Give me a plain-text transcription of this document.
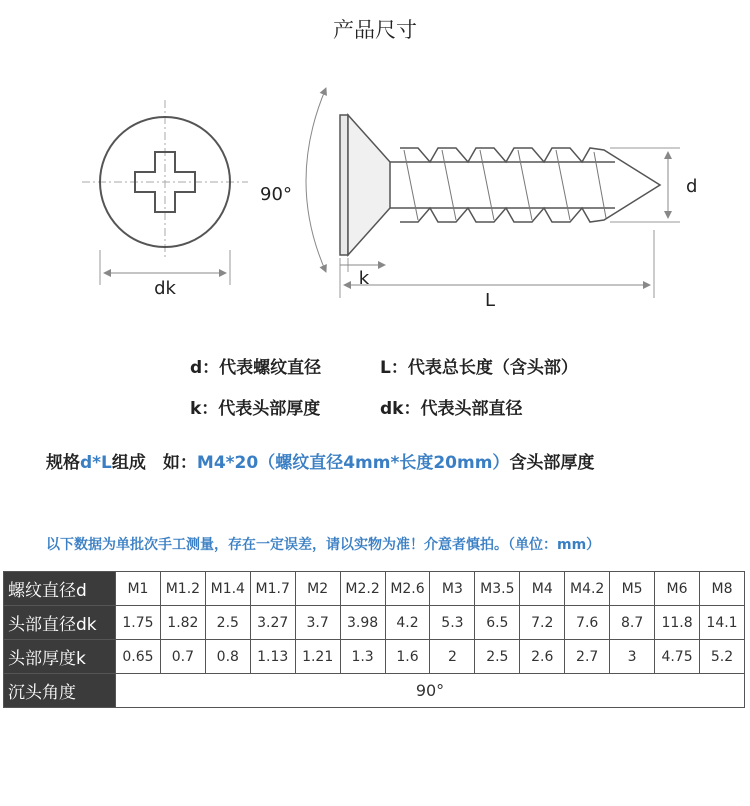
产品尺寸
dk
90°	d
k
L
d：代表螺纹直径	L：代表总长度（含头部）
k：代表头部厚度	dk：代表头部直径
规格d*L组成　如：M4*20（螺纹直径4mm*长度20mm）含头部厚度
以下数据为单批次手工测量，存在一定误差，请以实物为准！介意者慎拍。（单位：mm）
螺纹直径d	M1	M1.2	M1.4	M1.7	M2	M2.2	M2.6	M3	M3.5	M4	M4.2	M5	M6	M8
头部直径dk	1.75	1.82	2.5	3.27	3.7	3.98	4.2	5.3	6.5	7.2	7.6	8.7	11.8	14.1
头部厚度k	0.65	0.7	0.8	1.13	1.21	1.3	1.6	2	2.5	2.6	2.7	3	4.75	5.2
沉头角度	90°													
